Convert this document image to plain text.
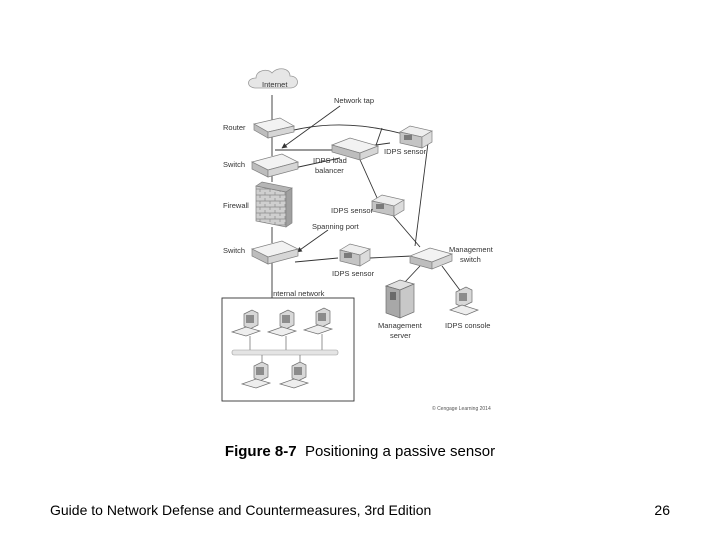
Internet
Network tap
Router
Switch	IDPS load
balancer
IDPS sensor
Firewall
IDPS sensor
Spanning port
Switch
IDPS sensor
Management
switch
Management
server
IDPS console
Internal network
© Cengage Learning 2014
Figure 8-7 Positioning a passive sensor
Guide to Network Defense and Countermeasures, 3rd Edition	26
